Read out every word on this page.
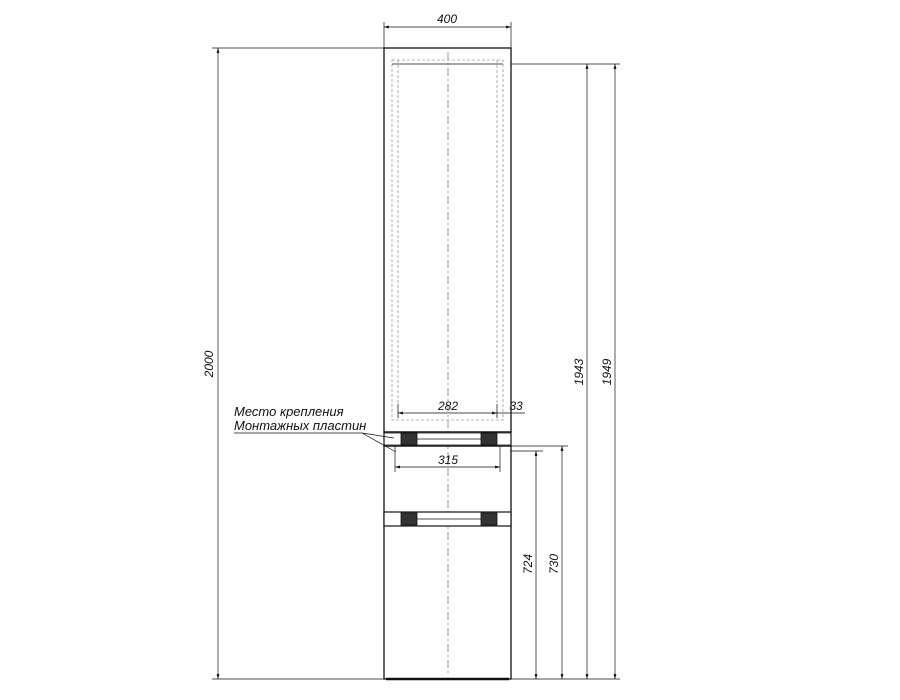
400
282	33
315
Место крепления
Монтажных пластин
2000	1943 1949
724 730
